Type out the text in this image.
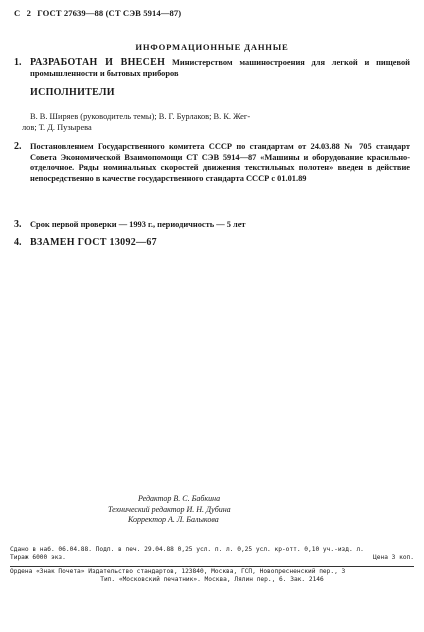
С 2 ГОСТ 27639—88 (СТ СЭВ 5914—87)
ИНФОРМАЦИОННЫЕ ДАННЫЕ
1. РАЗРАБОТАН И ВНЕСЕН Министерством машиностроения для легкой и пищевой промышленности и бытовых приборов
ИСПОЛНИТЕЛИ
В. В. Ширяев (руководитель темы); В. Г. Бурлаков; В. К. Жег-
лов; Т. Д. Пузырева
2. Постановлением Государственного комитета СССР по стандартам от 24.03.88 № 705 стандарт Совета Экономической Взаимопомощи СТ СЭВ 5914—87 «Машины и оборудование красильно-отделочное. Ряды номинальных скоростей движения текстильных полотен» введен в действие непосредственно в качестве государственного стандарта СССР с 01.01.89
3. Срок первой проверки — 1993 г., периодичность — 5 лет
4. ВЗАМЕН ГОСТ 13092—67
Редактор В. С. Бабкина
Технический редактор И. Н. Дубина
Корректор А. Л. Балыкова
Сдано в наб. 06.04.88. Подп. в печ. 29.04.88 0,25 усл. п. л. 0,25 усл. кр-отт. 0,10 уч.-изд. л.
Тираж 6000 экз.	Цена 3 коп.
Ордена «Знак Почета» Издательство стандартов, 123840, Москва, ГСП, Новопресненский пер., 3
Тип. «Московский печатник». Москва, Лялин пер., 6. Зак. 2146
